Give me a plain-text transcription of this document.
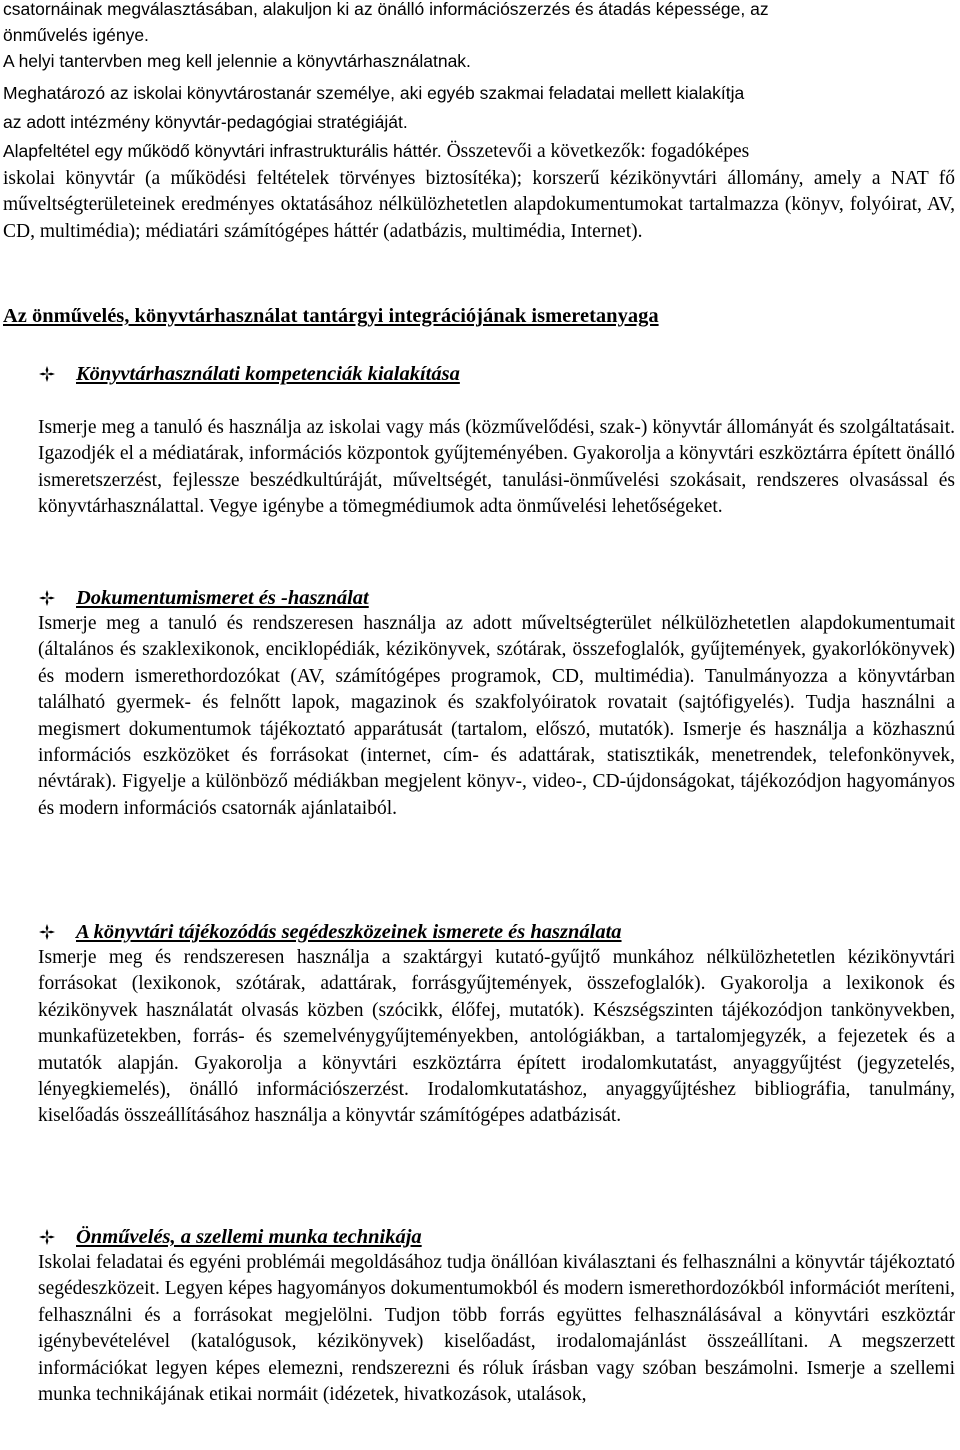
csatornáinak megválasztásában, alakuljon ki az önálló információszerzés és átadás képessége, az

önművelés igénye.

A helyi tantervben meg kell jelennie a könyvtárhasználatnak.

Meghatározó az iskolai könyvtárostanár személye, aki egyéb szakmai feladatai mellett kialakítja

az adott intézmény könyvtár-pedagógiai stratégiáját.

Alapfeltétel egy működő könyvtári infrastrukturális háttér. Összetevői a következők: fogadóképes

iskolai könyvtár (a működési feltételek törvényes biztosítéka); korszerű kézikönyvtári állomány, amely a NAT fő műveltségterületeinek eredményes oktatásához nélkülözhetetlen alapdokumentumokat tartalmazza (könyv, folyóirat, AV, CD, multimédia); médiatári számítógépes háttér (adatbázis, multimédia, Internet).

Az önművelés, könyvtárhasználat tantárgyi integrációjának ismeretanyaga
Könyvtárhasználati kompetenciák kialakítása

Ismerje meg a tanuló és használja az iskolai vagy más (közművelődési, szak-) könyvtár állományát és szolgáltatásait. Igazodjék el a médiatárak, információs központok gyűjteményében. Gyakorolja a könyvtári eszköztárra épített önálló ismeretszerzést, fejlessze beszédkultúráját, műveltségét, tanulási-önművelési szokásait, rendszeres olvasással és könyvtárhasználattal. Vegye igénybe a tömegmédiumok adta önművelési lehetőségeket.

Dokumentumismeret és -használat

Ismerje meg a tanuló és rendszeresen használja az adott műveltségterület nélkülözhetetlen alapdokumentumait (általános és szaklexikonok, enciklopédiák, kézikönyvek, szótárak, összefoglalók, gyűjtemények, gyakorlókönyvek) és modern ismerethordozókat (AV, számítógépes programok, CD, multimédia). Tanulmányozza a könyvtárban található gyermek- és felnőtt lapok, magazinok és szakfolyóiratok rovatait (sajtófigyelés). Tudja használni a megismert dokumentumok tájékoztató apparátusát (tartalom, előszó, mutatók). Ismerje és használja a közhasznú információs eszközöket és forrásokat (internet, cím- és adattárak, statisztikák, menetrendek, telefonkönyvek, névtárak). Figyelje a különböző médiákban megjelent könyv-, video-, CD-újdonságokat, tájékozódjon hagyományos és modern információs csatornák ajánlataiból.

A könyvtári tájékozódás segédeszközeinek ismerete és használata

Ismerje meg és rendszeresen használja a szaktárgyi kutató-gyűjtő munkához nélkülözhetetlen kézikönyvtári forrásokat (lexikonok, szótárak, adattárak, forrásgyűjtemények, összefoglalók). Gyakorolja a lexikonok és kézikönyvek használatát olvasás közben (szócikk, élőfej, mutatók). Készségszinten tájékozódjon tankönyvekben, munkafüzetekben, forrás- és szemelvénygyűjteményekben, antológiákban, a tartalomjegyzék, a fejezetek és a mutatók alapján. Gyakorolja a könyvtári eszköztárra épített irodalomkutatást, anyaggyűjtést (jegyzetelés, lényegkiemelés), önálló információszerzést. Irodalomkutatáshoz, anyaggyűjtéshez bibliográfia, tanulmány, kiselőadás összeállításához használja a könyvtár számítógépes adatbázisát.

Önművelés, a szellemi munka technikája

Iskolai feladatai és egyéni problémái megoldásához tudja önállóan kiválasztani és felhasználni a könyvtár tájékoztató segédeszközeit. Legyen képes hagyományos dokumentumokból és modern ismerethordozókból információt meríteni, felhasználni és a forrásokat megjelölni. Tudjon több forrás együttes felhasználásával a könyvtári eszköztár igénybevételével (katalógusok, kézikönyvek) kiselőadást, irodalomajánlást összeállítani. A megszerzett információkat legyen képes elemezni, rendszerezni és róluk írásban vagy szóban beszámolni. Ismerje a szellemi munka technikájának etikai normáit (idézetek, hivatkozások, utalások,
